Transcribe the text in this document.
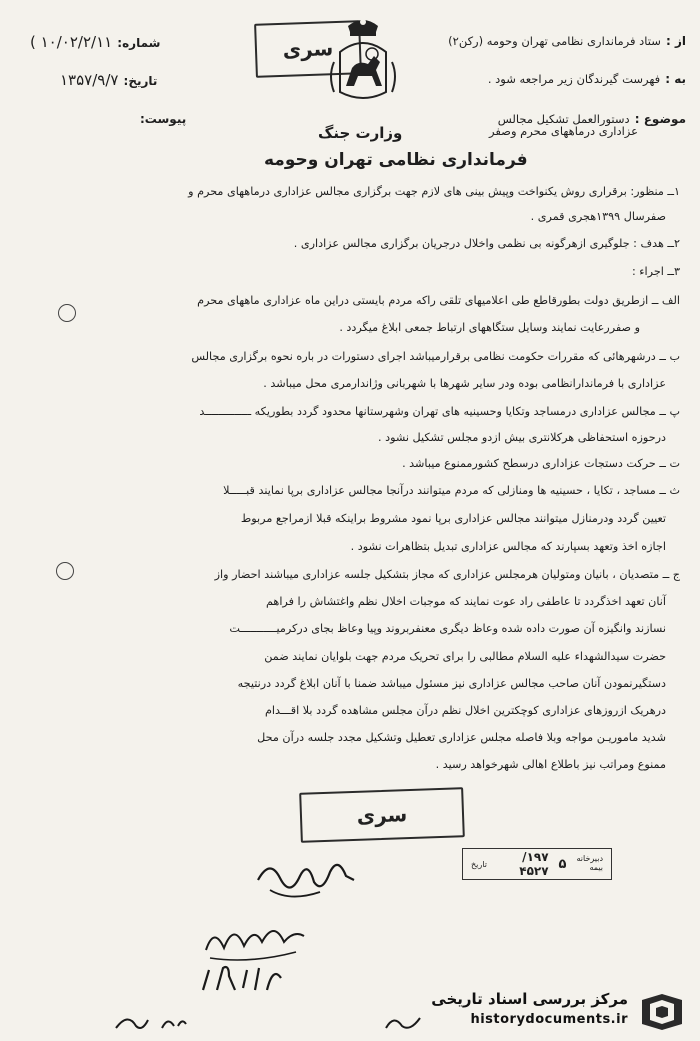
از : ستاد فرماندارى نظامى تهران وحومه (رکن۲)
به : فهرست گیرندگان زیر مراجعه شود .
موضوع : دستورالعمل تشکیل مجالس
عزادارى درماههاى محرم وصفر
شماره: ۱۰/۰۲/۲/۱۱ )
تاریخ: ۱۳۵۷/۹/۷
پیوست:
سرى
وزارت جنگ
فرماندارى نظامى تهران وحومه
۱ــ منظور: برقرارى روش یکنواخت وپیش بینى هاى لازم جهت برگزارى مجالس عزادارى درماههاى محرم و
صفرسال ۱۳۹۹هجرى قمرى .
۲ــ هدف : جلوگیرى ازهرگونه بى نظمى واخلال درجریان برگزارى مجالس عزادارى .
۳ــ اجراء :
الف ــ ازطریق دولت بطورقاطع طى اعلامیهاى تلقى راکه مردم بایستى دراین ماه عزادارى ماههاى محرم
و صفررعایت نمایند وسایل ستگاههاى ارتباط جمعى ابلاغ میگردد .
ب ــ درشهرهائى که مقررات حکومت نظامى برقرارمیباشد اجراى دستورات در باره نحوه برگزارى مجالس
عزادارى با فرماندارانظامى بوده ودر سایر شهرها با شهربانى وژاندارمرى محل میباشد .
پ ــ مجالس عزادارى درمساجد وتکایا وحسینیه هاى تهران وشهرستانها محدود گردد بطوریکه ــــــــــــــد
درحوزه استحفاظى هرکلانترى بیش ازدو مجلس تشکیل نشود .
ت ــ حرکت دستجات عزادارى درسطح کشورممنوع میباشد .
ث ــ مساجد ، تکایا ، حسینیه ها ومنازلى که مردم میتوانند درآنجا مجالس عزادارى برپا نمایند قبـــــلا
تعیین گردد ودرمنازل میتوانند مجالس عزادارى برپا نمود مشروط براینکه قبلا ازمراجع مربوط
اجازه اخذ وتعهد بسپارند که مجالس عزادارى تبدیل بتظاهرات نشود .
ج ــ متصدیان ، بانیان ومتولیان هرمجلس عزادارى که مجاز بتشکیل جلسه عزادارى میباشند احضار واز
آنان تعهد اخذگردد تا عاطفى راد عوت نمایند که موجبات اخلال نظم واغتشاش را فراهم
نسازند وانگیزه آن صورت داده شده وعاظ دیگرى معنفربروند وپیا وعاظ بجاى درکرمیـــــــــــت
حضرت سیدالشهداء علیه السلام مطالبى را براى تحریک مردم جهت بلوایان نمایند ضمن
دستگیرنمودن آنان صاحب مجالس عزادارى نیز مسئول میباشد ضمنا با آنان ابلاغ گردد درنتیجه
درهریک ازروزهاى عزادارى کوچکترین اخلال نظم درآن مجلس مشاهده گردد بلا اقـــدام
شدید ماموریـن مواجه وبلا فاصله مجلس عزادارى تعطیل وتشکیل مجدد جلسه درآن محل
ممنوع ومراتب نیز باطلاع اهالى شهرخواهد رسید .
سرى
دبیرخانه
بیمه
۵
۱۹۷/ ۴۵۲۷
تاریخ
مرکز بررسی اسناد تاریخی
historydocuments.ir
